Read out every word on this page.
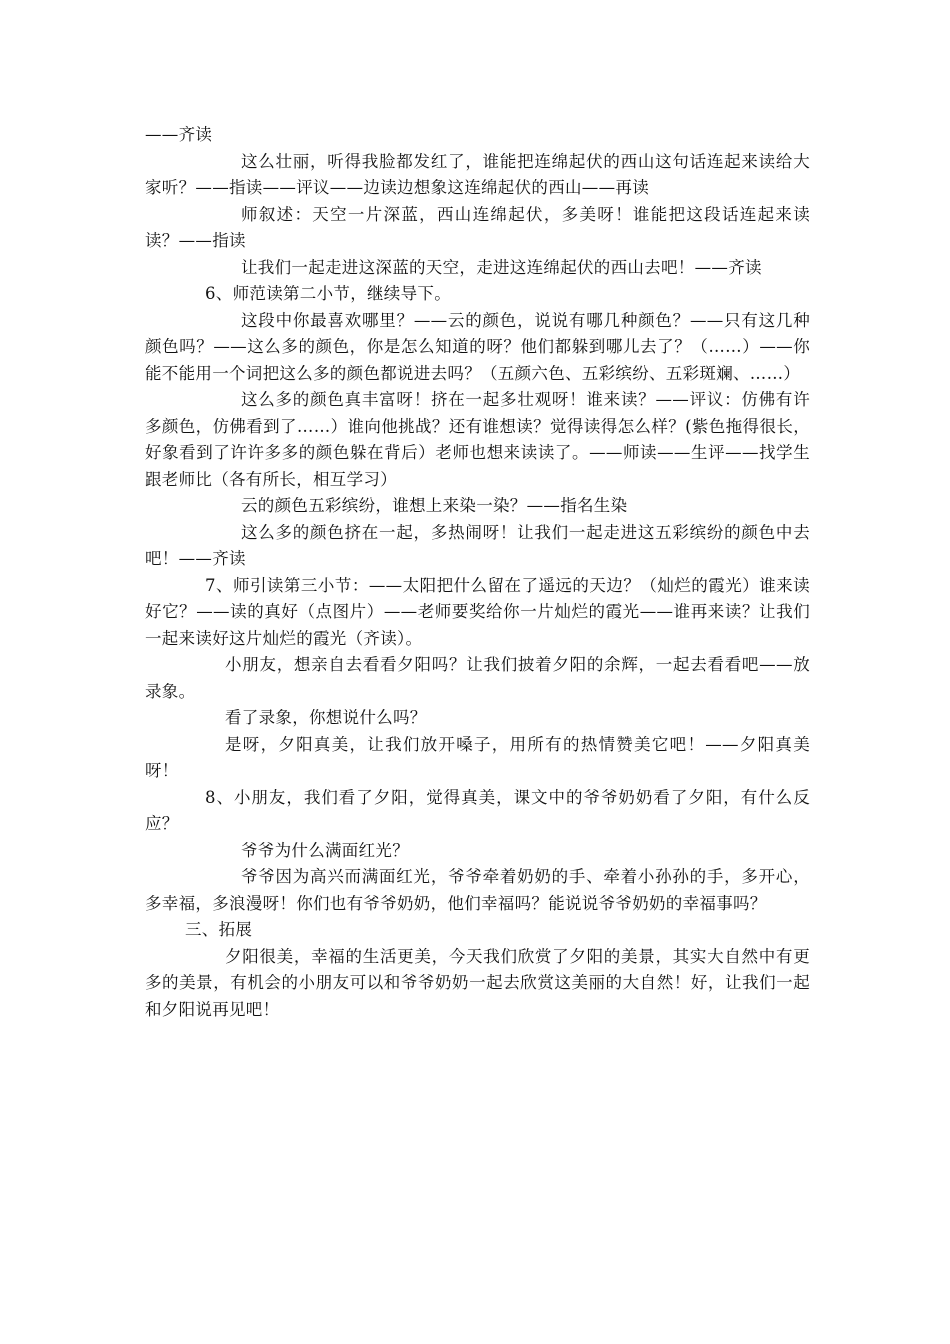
——齐读

这么壮丽，听得我脸都发红了，谁能把连绵起伏的西山这句话连起来读给大家听？——指读——评议——边读边想象这连绵起伏的西山——再读

师叙述：天空一片深蓝，西山连绵起伏，多美呀！谁能把这段话连起来读读？——指读

让我们一起走进这深蓝的天空，走进这连绵起伏的西山去吧！——齐读

6、师范读第二小节，继续导下。

这段中你最喜欢哪里？——云的颜色，说说有哪几种颜色？——只有这几种颜色吗？——这么多的颜色，你是怎么知道的呀？他们都躲到哪儿去了？（……）——你能不能用一个词把这么多的颜色都说进去吗？（五颜六色、五彩缤纷、五彩斑斓、……）

这么多的颜色真丰富呀！挤在一起多壮观呀！谁来读？——评议：仿佛有许多颜色，仿佛看到了……）谁向他挑战？还有谁想读？觉得读得怎么样？(紫色拖得很长，好象看到了许许多多的颜色躲在背后）老师也想来读读了。——师读——生评——找学生跟老师比（各有所长，相互学习）

云的颜色五彩缤纷，谁想上来染一染？——指名生染

这么多的颜色挤在一起，多热闹呀！让我们一起走进这五彩缤纷的颜色中去吧！——齐读

7、师引读第三小节：——太阳把什么留在了遥远的天边？（灿烂的霞光）谁来读好它？——读的真好（点图片）——老师要奖给你一片灿烂的霞光——谁再来读？让我们一起来读好这片灿烂的霞光（齐读）。

小朋友，想亲自去看看夕阳吗？让我们披着夕阳的余辉，一起去看看吧——放录象。

看了录象，你想说什么吗？

是呀，夕阳真美，让我们放开嗓子，用所有的热情赞美它吧！——夕阳真美呀！

8、小朋友，我们看了夕阳，觉得真美，课文中的爷爷奶奶看了夕阳，有什么反应？

爷爷为什么满面红光？

爷爷因为高兴而满面红光，爷爷牵着奶奶的手、牵着小孙孙的手，多开心，多幸福，多浪漫呀！你们也有爷爷奶奶，他们幸福吗？能说说爷爷奶奶的幸福事吗？

三、拓展

夕阳很美，幸福的生活更美，今天我们欣赏了夕阳的美景，其实大自然中有更多的美景，有机会的小朋友可以和爷爷奶奶一起去欣赏这美丽的大自然！好，让我们一起和夕阳说再见吧！
